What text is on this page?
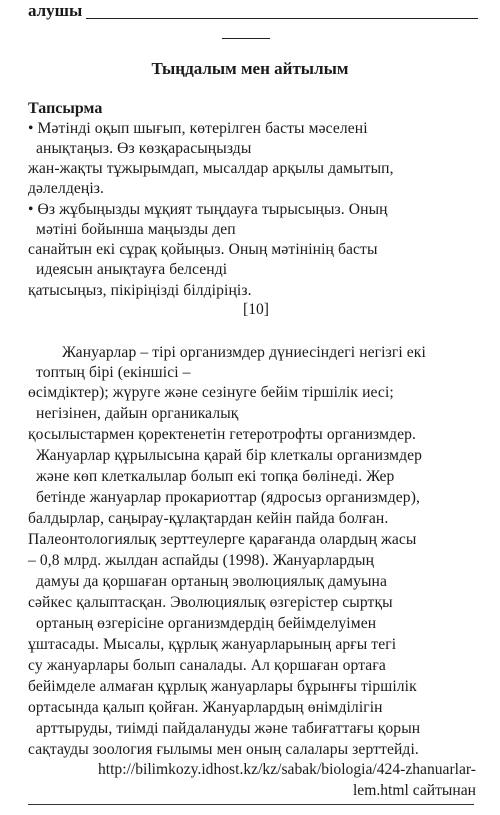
алушы
Тыңдалым мен айтылым
Тапсырма
• Мәтінді оқып шығып, көтерілген басты мәселені
анықтаңыз. Өз көзқарасыңызды
жан-жақты тұжырымдап, мысалдар арқылы дамытып,
дәлелдеңіз.
• Өз жұбыңызды мұқият тыңдауға тырысыңыз. Оның
мәтіні бойынша маңызды деп
санайтын екі сұрақ қойыңыз. Оның мәтінінің басты
идеясын анықтауға белсенді
қатысыңыз, пікіріңізді білдіріңіз.
[10]
Жануарлар – тірі организмдер дүниесіндегі негізгі екі
топтың бірі (екіншісі –
өсімдіктер); жүруге және сезінуге бейім тіршілік иесі;
негізінен, дайын органикалық
қосылыстармен қоректенетін гетеротрофты организмдер.
Жануарлар құрылысына қарай бір клеткалы организмдер
және көп клеткалылар болып екі топқа бөлінеді. Жер
бетінде жануарлар прокариоттар (ядросыз организмдер),
балдырлар, саңырау-құлақтардан кейін пайда болған.
Палеонтологиялық зерттеулерге қарағанда олардың жасы
– 0,8 млрд. жылдан аспайды (1998). Жануарлардың
дамуы да қоршаған ортаның эволюциялық дамуына
сәйкес қалыптасқан. Эволюциялық өзгерістер сыртқы
ортаның өзгерісіне организмдердің бейімделуімен
ұштасады. Мысалы, құрлық жануарларының арғы тегі
су жануарлары болып саналады. Ал қоршаған ортаға
бейімделе алмаған құрлық жануарлары бұрынғы тіршілік
ортасында қалып қойған. Жануарлардың өнімділігін
арттыруды, тиімді пайдалануды және табиғаттағы қорын
сақтауды зоология ғылымы мен оның салалары зерттейді.
http://bilimkozy.idhost.kz/kz/sabak/biologia/424-zhanuarlar-
lem.html сайтынан
